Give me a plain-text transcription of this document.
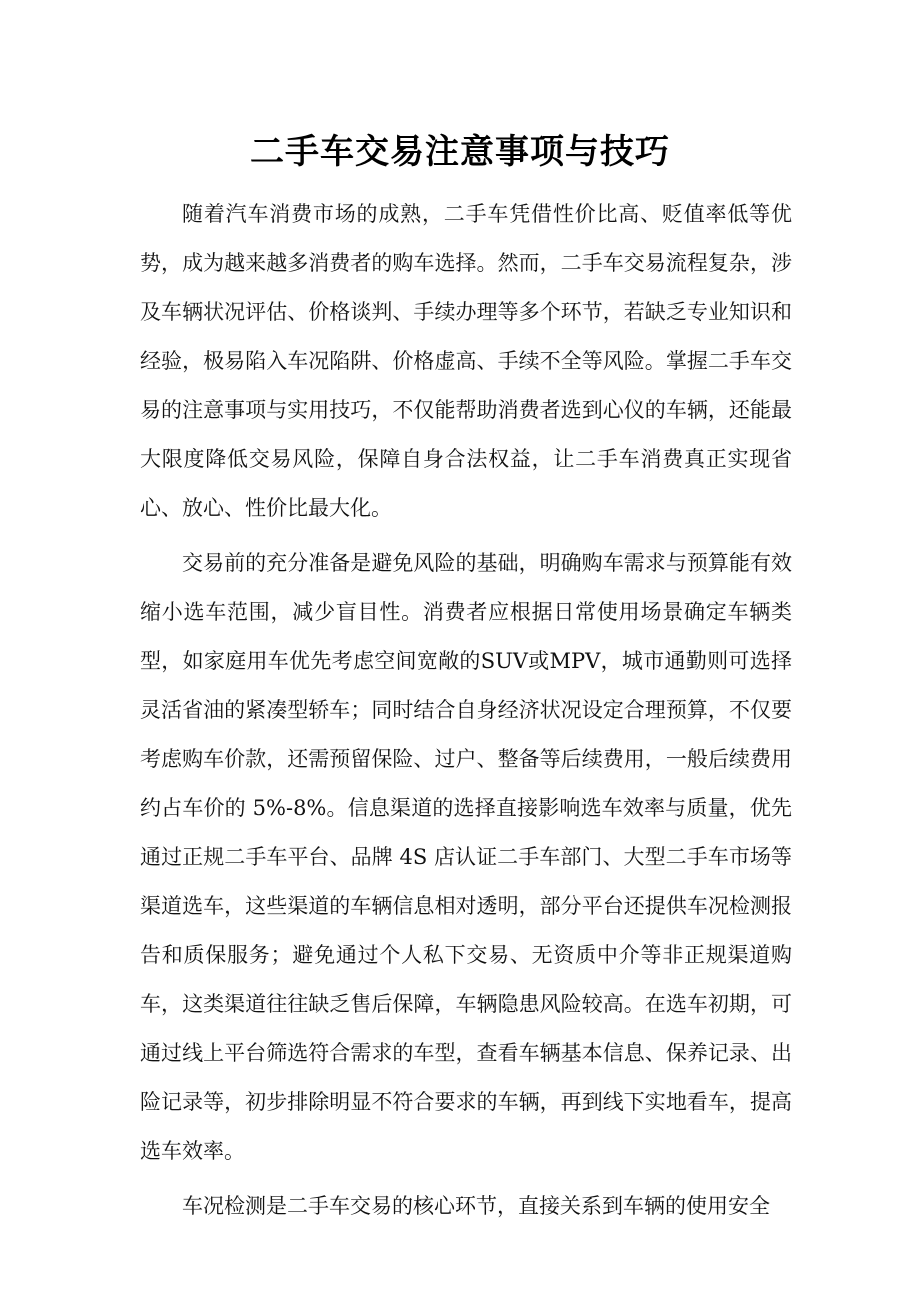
二手车交易注意事项与技巧
随着汽车消费市场的成熟，二手车凭借性价比高、贬值率低等优势，成为越来越多消费者的购车选择。然而，二手车交易流程复杂，涉及车辆状况评估、价格谈判、手续办理等多个环节，若缺乏专业知识和经验，极易陷入车况陷阱、价格虚高、手续不全等风险。掌握二手车交易的注意事项与实用技巧，不仅能帮助消费者选到心仪的车辆，还能最大限度降低交易风险，保障自身合法权益，让二手车消费真正实现省心、放心、性价比最大化。
交易前的充分准备是避免风险的基础，明确购车需求与预算能有效缩小选车范围，减少盲目性。消费者应根据日常使用场景确定车辆类型，如家庭用车优先考虑空间宽敞的SUV或MPV，城市通勤则可选择灵活省油的紧凑型轿车；同时结合自身经济状况设定合理预算，不仅要考虑购车价款，还需预留保险、过户、整备等后续费用，一般后续费用约占车价的 5%-8%。信息渠道的选择直接影响选车效率与质量，优先通过正规二手车平台、品牌 4S 店认证二手车部门、大型二手车市场等渠道选车，这些渠道的车辆信息相对透明，部分平台还提供车况检测报告和质保服务；避免通过个人私下交易、无资质中介等非正规渠道购车，这类渠道往往缺乏售后保障，车辆隐患风险较高。在选车初期，可通过线上平台筛选符合需求的车型，查看车辆基本信息、保养记录、出险记录等，初步排除明显不符合要求的车辆，再到线下实地看车，提高选车效率。
车况检测是二手车交易的核心环节，直接关系到车辆的使用安全
